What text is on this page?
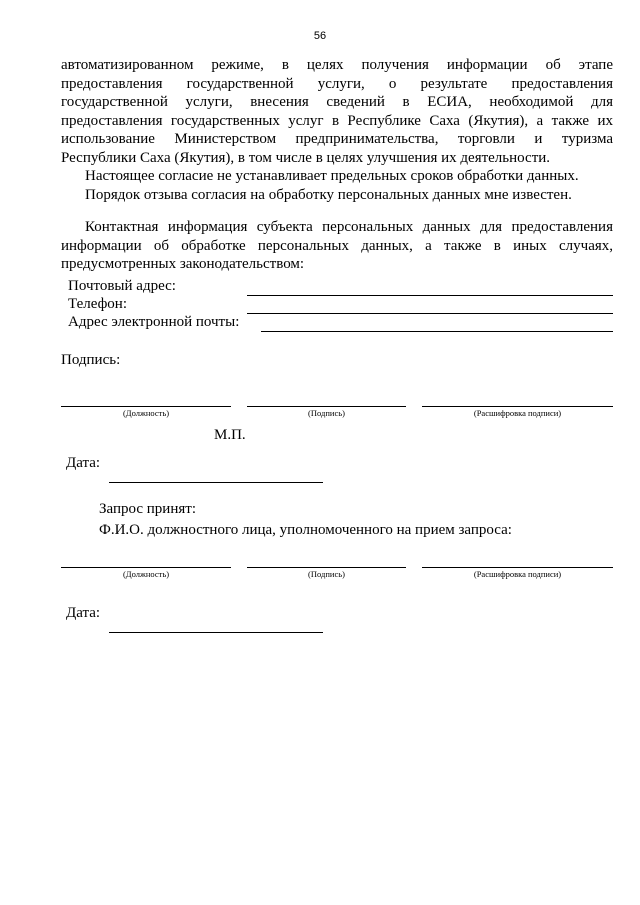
56

автоматизированном режиме, в целях получения информации об этапе предоставления государственной услуги, о результате предоставления государственной услуги, внесения сведений в ЕСИА, необходимой для предоставления государственных услуг в Республике Саха (Якутия), а также их использование Министерством предпринимательства, торговли и туризма Республики Саха (Якутия), в том числе в целях улучшения их деятельности.

Настоящее согласие не устанавливает предельных сроков обработки данных.

Порядок отзыва согласия на обработку персональных данных мне известен.

Контактная информация субъекта персональных данных для предоставления информации об обработке персональных данных, а также в иных случаях, предусмотренных законодательством:

Почтовый адрес:
Телефон:
Адрес электронной почты:
Подпись:
(Должность)	(Подпись)	(Расшифровка подписи)
М.П.
Дата:
Запрос принят:
Ф.И.О. должностного лица, уполномоченного на прием запроса:
(Должность)	(Подпись)	(Расшифровка подписи)
Дата:
